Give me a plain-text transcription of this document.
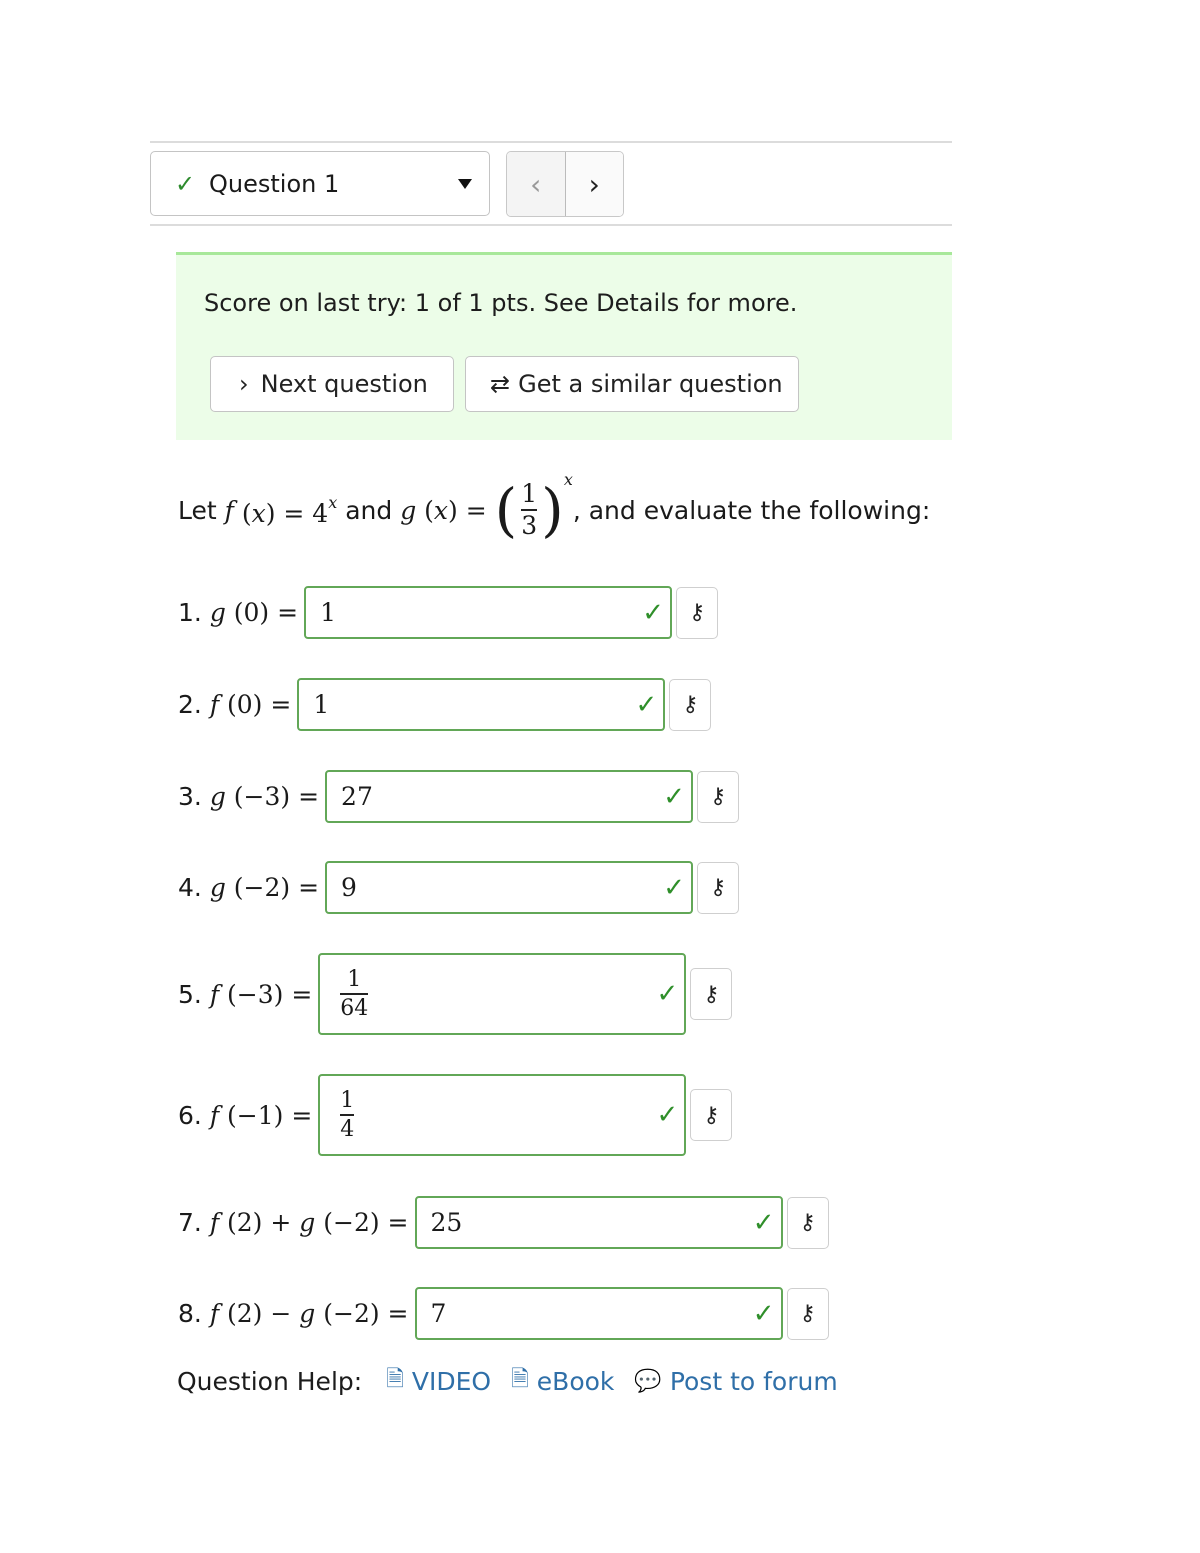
✓ Question 1	‹ ›
Score on last try: 1 of 1 pts. See Details for more.
› Next question	⇄ Get a similar question
Let
f $(x) = 4^x$
and
g (x) = ( $\frac{1}{3}$ ) x
, and evaluate the following:
1. g (0) = 1	✓ ⚷
2. f (0) = 1	✓ ⚷
3. g (−3) = 27	✓ ⚷
4. g (−2) = 9	✓ ⚷
5. f $(-3) = \frac{1}{64}$	✓ ⚷
6. f $(-1) = \frac{1}{4}$	✓ ⚷
7. f (2) + g (−2) = 25	✓ ⚷
8. f (2) − g (−2) = 7	✓ ⚷
Question Help: 🗎 VIDEO 🗎 eBook 💬 Post to forum
